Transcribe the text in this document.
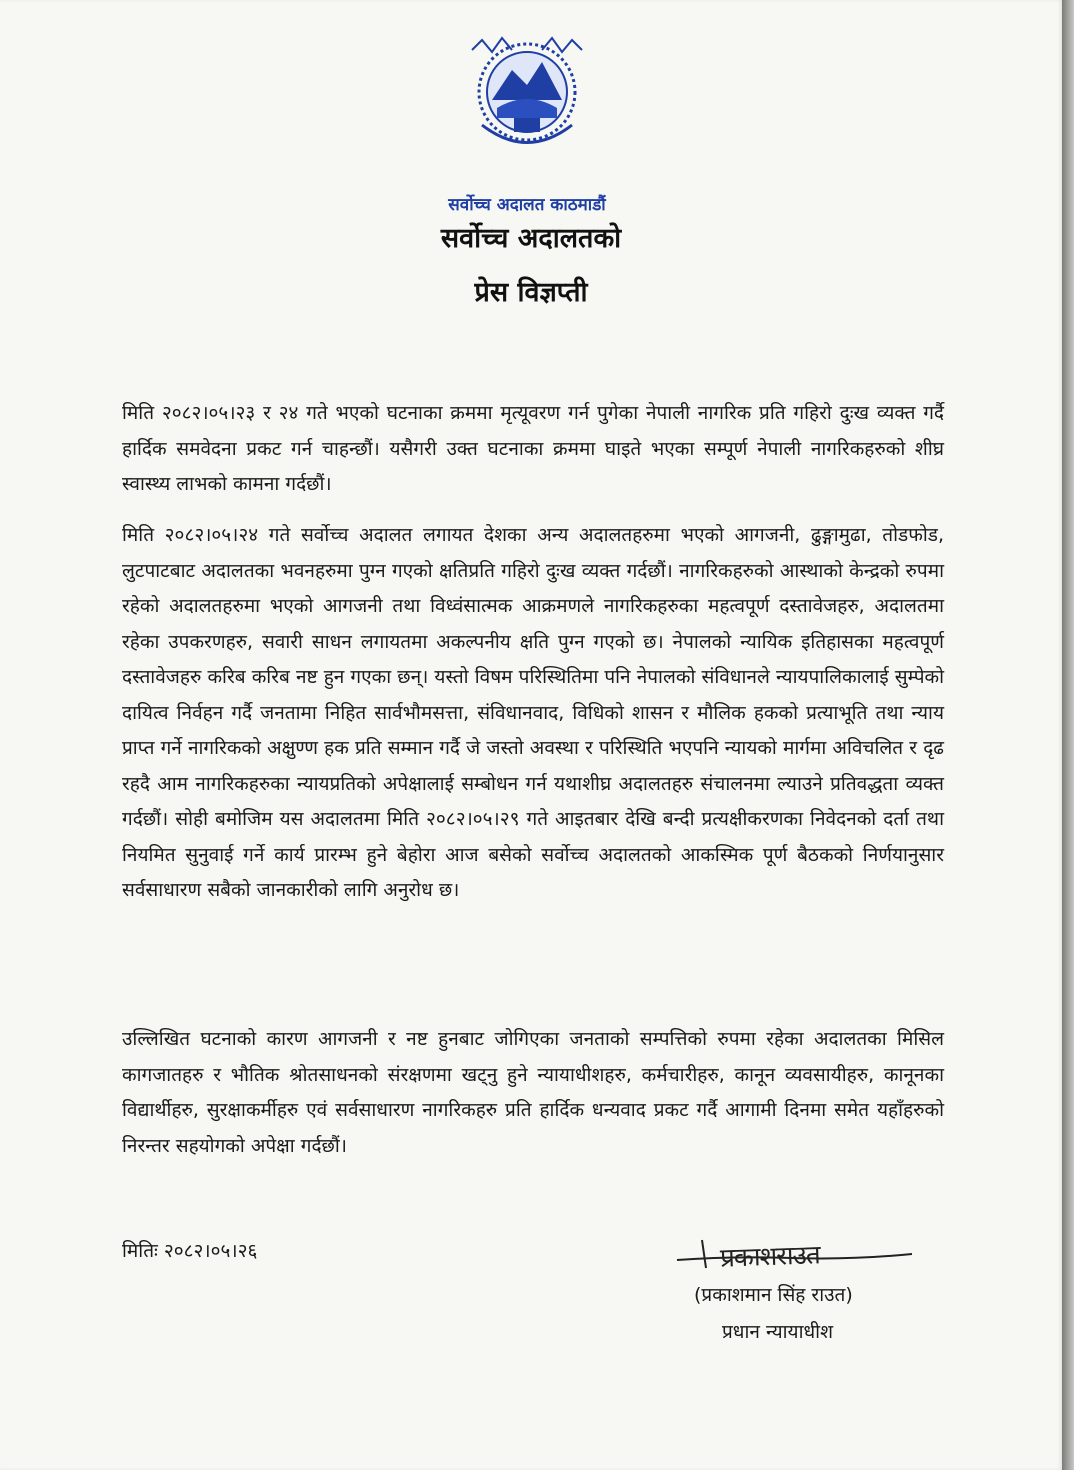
सर्वोच्च अदालत काठमाडौं
सर्वोच्च अदालतको
प्रेस विज्ञप्ती
मिति २०८२।०५।२३ र २४ गते भएको घटनाका क्रममा मृत्यूवरण गर्न पुगेका नेपाली नागरिक प्रति गहिरो दुःख व्यक्त गर्दै हार्दिक समवेदना प्रकट गर्न चाहन्छौं। यसैगरी उक्त घटनाका क्रममा घाइते भएका सम्पूर्ण नेपाली नागरिकहरुको शीघ्र स्वास्थ्य लाभको कामना गर्दछौं।
मिति २०८२।०५।२४ गते सर्वोच्च अदालत लगायत देशका अन्य अदालतहरुमा भएको आगजनी, ढुङ्गामुढा, तोडफोड, लुटपाटबाट अदालतका भवनहरुमा पुग्न गएको क्षतिप्रति गहिरो दुःख व्यक्त गर्दछौं। नागरिकहरुको आस्थाको केन्द्रको रुपमा रहेको अदालतहरुमा भएको आगजनी तथा विध्वंसात्मक आक्रमणले नागरिकहरुका महत्वपूर्ण दस्तावेजहरु, अदालतमा रहेका उपकरणहरु, सवारी साधन लगायतमा अकल्पनीय क्षति पुग्न गएको छ। नेपालको न्यायिक इतिहासका महत्वपूर्ण दस्तावेजहरु करिब करिब नष्ट हुन गएका छन्। यस्तो विषम परिस्थितिमा पनि नेपालको संविधानले न्यायपालिकालाई सुम्पेको दायित्व निर्वहन गर्दै जनतामा निहित सार्वभौमसत्ता, संविधानवाद, विधिको शासन र मौलिक हकको प्रत्याभूति तथा न्याय प्राप्त गर्ने नागरिकको अक्षुण्ण हक प्रति सम्मान गर्दै जे जस्तो अवस्था र परिस्थिति भएपनि न्यायको मार्गमा अविचलित र दृढ रहदै आम नागरिकहरुका न्यायप्रतिको अपेक्षालाई सम्बोधन गर्न यथाशीघ्र अदालतहरु संचालनमा ल्याउने प्रतिवद्धता व्यक्त गर्दछौं। सोही बमोजिम यस अदालतमा मिति २०८२।०५।२९ गते आइतबार देखि बन्दी प्रत्यक्षीकरणका निवेदनको दर्ता तथा नियमित सुनुवाई गर्ने कार्य प्रारम्भ हुने बेहोरा आज बसेको सर्वोच्च अदालतको आकस्मिक पूर्ण बैठकको निर्णयानुसार सर्वसाधारण सबैको जानकारीको लागि अनुरोध छ।
उल्लिखित घटनाको कारण आगजनी र नष्ट हुनबाट जोगिएका जनताको सम्पत्तिको रुपमा रहेका अदालतका मिसिल कागजातहरु र भौतिक श्रोतसाधनको संरक्षणमा खट्नु हुने न्यायाधीशहरु, कर्मचारीहरु, कानून व्यवसायीहरु, कानूनका विद्यार्थीहरु, सुरक्षाकर्मीहरु एवं सर्वसाधारण नागरिकहरु प्रति हार्दिक धन्यवाद प्रकट गर्दै आगामी दिनमा समेत यहाँहरुको निरन्तर सहयोगको अपेक्षा गर्दछौं।
मितिः २०८२।०५।२६	प्रकाशराउत
(प्रकाशमान सिंह राउत)
प्रधान न्यायाधीश
